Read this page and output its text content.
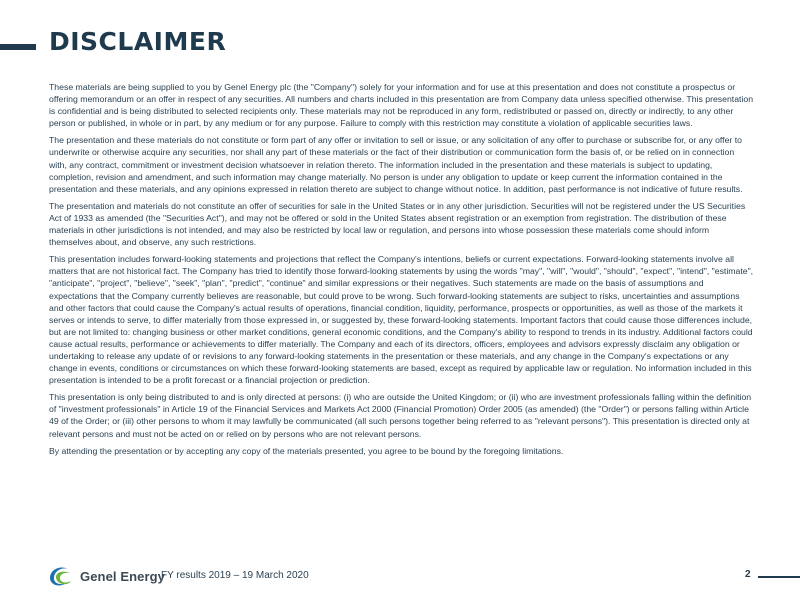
DISCLAIMER

These materials are being supplied to you by Genel Energy plc (the "Company") solely for your information and for use at this presentation and does not constitute a prospectus or offering memorandum or an offer in respect of any securities. All numbers and charts included in this presentation are from Company data unless specified otherwise. This presentation is confidential and is being distributed to selected recipients only. These materials may not be reproduced in any form, redistributed or passed on, directly or indirectly, to any other person or published, in whole or in part, by any medium or for any purpose. Failure to comply with this restriction may constitute a violation of applicable securities laws.

The presentation and these materials do not constitute or form part of any offer or invitation to sell or issue, or any solicitation of any offer to purchase or subscribe for, or any offer to underwrite or otherwise acquire any securities, nor shall any part of these materials or the fact of their distribution or communication form the basis of, or be relied on in connection with, any contract, commitment or investment decision whatsoever in relation thereto. The information included in the presentation and these materials is subject to updating, completion, revision and amendment, and such information may change materially. No person is under any obligation to update or keep current the information contained in the presentation and these materials, and any opinions expressed in relation thereto are subject to change without notice. In addition, past performance is not indicative of future results.

The presentation and materials do not constitute an offer of securities for sale in the United States or in any other jurisdiction. Securities will not be registered under the US Securities Act of 1933 as amended (the "Securities Act"), and may not be offered or sold in the United States absent registration or an exemption from registration. The distribution of these materials in other jurisdictions is not intended, and may also be restricted by local law or regulation, and persons into whose possession these materials come should inform themselves about, and observe, any such restrictions.

This presentation includes forward-looking statements and projections that reflect the Company's intentions, beliefs or current expectations. Forward-looking statements involve all matters that are not historical fact. The Company has tried to identify those forward-looking statements by using the words "may", "will", "would", "should", "expect", "intend", "estimate", "anticipate", "project", "believe", "seek", "plan", "predict", "continue" and similar expressions or their negatives. Such statements are made on the basis of assumptions and expectations that the Company currently believes are reasonable, but could prove to be wrong. Such forward-looking statements are subject to risks, uncertainties and assumptions and other factors that could cause the Company's actual results of operations, financial condition, liquidity, performance, prospects or opportunities, as well as those of the markets it serves or intends to serve, to differ materially from those expressed in, or suggested by, these forward-looking statements. Important factors that could cause those differences include, but are not limited to: changing business or other market conditions, general economic conditions, and the Company's ability to respond to trends in its industry. Additional factors could cause actual results, performance or achievements to differ materially. The Company and each of its directors, officers, employees and advisors expressly disclaim any obligation or undertaking to release any update of or revisions to any forward-looking statements in the presentation or these materials, and any change in the Company's expectations or any change in events, conditions or circumstances on which these forward-looking statements are based, except as required by applicable law or regulation. No information included in this presentation is intended to be a profit forecast or a financial projection or prediction.

This presentation is only being distributed to and is only directed at persons: (i) who are outside the United Kingdom; or (ii) who are investment professionals falling within the definition of "investment professionals" in Article 19 of the Financial Services and Markets Act 2000 (Financial Promotion) Order 2005 (as amended) (the "Order") or persons falling within Article 49 of the Order; or (iii) other persons to whom it may lawfully be communicated (all such persons together being referred to as "relevant persons"). This presentation is directed only at relevant persons and must not be acted on or relied on by persons who are not relevant persons.

By attending the presentation or by accepting any copy of the materials presented, you agree to be bound by the foregoing limitations.

Genel Energy
FY results 2019 – 19 March 2020	2
